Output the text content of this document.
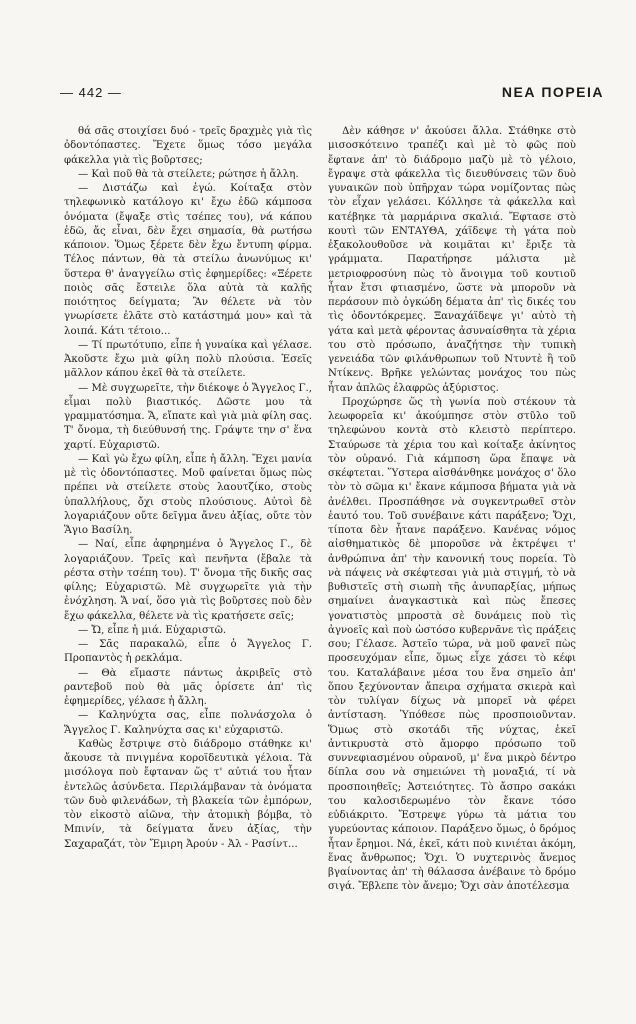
— 442 —	ΝΕΑ ΠΟΡΕΙΑ

θά σᾶς στοιχίσει δυό - τρεῖς δραχμὲς γιὰ τὶς ὀδοντόπαστες. Ἔχετε ὅμως τόσο μεγάλα φάκελλα γιὰ τὶς βοῦρτσες;

— Καὶ ποῦ θὰ τὰ στείλετε; ρώτησε ἡ ἄλλη.

— Διστάζω καὶ ἐγώ. Κοίταξα στὸν τηλεφωνικὸ κατάλογο κι' ἔχω ἐδῶ κάμποσα ὀνόματα (ἔψαξε στὶς τσέπες του), νά κάπου ἐδῶ, ἄς εἶναι, δὲν ἔχει σημασία, θὰ ρωτήσω κάποιον. Ὅμως ξέρετε δὲν ἔχω ἔντυπη φίρμα. Τέλος πάντων, θὰ τὰ στείλω ἀνωνύμως κι' ὕστερα θ' ἀναγγείλω στὶς ἐφημερίδες: «Ξέρετε ποιὸς σᾶς ἔστειλε ὅλα αὐτὰ τὰ καλῆς ποιότητος δείγματα; Ἂν θέλετε νὰ τὸν γνωρίσετε ἐλᾶτε στὸ κατάστημά μου» καὶ τὰ λοιπά. Κάτι τέτοιο...

— Τί πρωτότυπο, εἶπε ἡ γυναίκα καὶ γέλασε. Ἀκοῦστε ἔχω μιὰ φίλη πολὺ πλούσια. Ἐσεῖς μᾶλλον κάπου ἐκεῖ θὰ τὰ στείλετε.

— Μὲ συγχωρεῖτε, τὴν διέκοψε ὁ Ἄγγελος Γ., εἶμαι πολὺ βιαστικός. Δῶστε μου τὰ γραμματόσημα. Ἄ, εἴπατε καὶ γιὰ μιὰ φίλη σας. Τ' ὄνομα, τὴ διεύθυνσή της. Γράψτε την σ' ἕνα χαρτί. Εὐχαριστῶ.

— Καὶ γὼ ἔχω φίλη, εἶπε ἡ ἄλλη. Ἔχει μανία μὲ τὶς ὀδοντόπαστες. Μοῦ φαίνεται ὅμως πὼς πρέπει νὰ στείλετε στοὺς λαουτζίκο, στοὺς ὑπαλλήλους, ὄχι στοὺς πλούσιους. Αὐτοὶ δὲ λογαριάζουν οὔτε δεῖγμα ἄνευ ἀξίας, οὔτε τὸν Ἅγιο Βασίλη.

— Ναί, εἶπε ἀφηρημένα ὁ Ἄγγελος Γ., δὲ λογαριάζουν. Τρεῖς καὶ πενῆντα (ἔβαλε τὰ ρέστα στὴν τσέπη του). Τ' ὄνομα τῆς δικῆς σας φίλης; Εὐχαριστῶ. Μὲ συγχωρεῖτε γιὰ τὴν ἐνόχληση. Ἄ ναί, ὅσο γιὰ τὶς βοῦρτσες ποὺ δὲν ἔχω φάκελλα, θέλετε νὰ τὶς κρατήσετε σεῖς;

— Ὤ, εἶπε ἡ μιά. Εὐχαριστῶ.

— Σᾶς παρακαλῶ, εἶπε ὁ Ἄγγελος Γ. Προπαντὸς ἡ ρεκλάμα.

— Θὰ εἴμαστε πάντως ἀκριβεῖς στὸ ραντεβοῦ ποὺ θὰ μᾶς ὁρίσετε ἀπ' τὶς ἐφημερίδες, γέλασε ἡ ἄλλη.

— Καληνύχτα σας, εἶπε πολνάσχολα ὁ Ἄγγελος Γ. Καληνύχτα σας κι' εὐχαριστῶ.

Καθὼς ἔστριψε στὸ διάδρομο στάθηκε κι' ἄκουσε τὰ πνιγμένα κοροϊδευτικὰ γέλοια. Τὰ μισόλογα ποὺ ἔφταναν ὥς τ' αὐτιά του ἦταν ἐντελῶς ἀσύνδετα. Περιλάμβαναν τὰ ὀνόματα τῶν δυὸ φιλενάδων, τὴ βλακεία τῶν ἐμπόρων, τὸν εἰκοστὸ αἰῶνα, τὴν ἀτομικὴ βόμβα, τὸ Μπινίν, τὰ δείγματα ἄνευ ἀξίας, τὴν Σαχαραζάτ, τὸν Ἔμιρη Ἀρούν - Ἀλ - Ρασίντ...

Δὲν κάθησε ν' ἀκούσει ἄλλα. Στάθηκε στὸ μισοσκότεινο τραπέζι καὶ μὲ τὸ φῶς ποὺ ἔφτανε ἀπ' τὸ διάδρομο μαζὺ μὲ τὸ γέλοιο, ἔγραψε στὰ φάκελλα τὶς διευθύνσεις τῶν δυὸ γυναικῶν ποὺ ὑπῆρχαν τώρα νομίζοντας πὼς τὸν εἶχαν γελάσει. Κόλλησε τὰ φάκελλα καὶ κατέβηκε τὰ μαρμάρινα σκαλιά. Ἔφτασε στὸ κουτὶ τῶν ΕΝΤΑΥΘΑ, χάϊδεψε τὴ γάτα ποὺ ἐξακολουθοῦσε νὰ κοιμᾶται κι' ἔριξε τὰ γράμματα. Παρατήρησε μάλιστα μὲ μετριοφροσύνη πὼς τὸ ἄνοιγμα τοῦ κουτιοῦ ἦταν ἔτσι φτιασμένο, ὥστε νὰ μποροῦν νὰ περάσουν πιὸ ὀγκώδη δέματα ἀπ' τὶς δικές του τὶς ὀδοντόκρεμες. Ξαναχάϊδεψε γι' αὐτὸ τὴ γάτα καὶ μετὰ φέροντας ἀσυναίσθητα τὰ χέρια του στὸ πρόσωπο, ἀναζήτησε τὴν τυπικὴ γενειάδα τῶν φιλάνθρωπων τοῦ Ντυντὲ ἢ τοῦ Ντίκενς. Βρῆκε γελώντας μονάχος του πὼς ἦταν ἁπλῶς ἐλαφρῶς ἀξύριστος.

Προχώρησε ὥς τὴ γωνία ποὺ στέκουν τὰ λεωφορεῖα κι' ἀκούμπησε στὸν στῦλο τοῦ τηλεφώνου κοντὰ στὸ κλειστὸ περίπτερο. Σταύρωσε τὰ χέρια του καὶ κοίταξε ἀκίνητος τὸν οὐρανό. Γιὰ κάμποση ὥρα ἔπαψε νὰ σκέφτεται. Ὕστερα αἰσθάνθηκε μονάχος σ' ὅλο τὸν τὸ σῶμα κι' ἔκανε κάμποσα βήματα γιὰ νὰ ἀνέλθει. Προσπάθησε νὰ συγκεντρωθεῖ στὸν ἑαυτό του. Τοῦ συνέβαινε κάτι παράξενο; Ὄχι, τίποτα δὲν ἦτανε παράξενο. Κανένας νόμος αἰσθηματικὸς δὲ μποροῦσε νὰ ἐκτρέψει τ' ἀνθρώπινα ἀπ' τὴν κανονική τους πορεία. Τὸ νὰ πάψεις νὰ σκέφτεσαι γιὰ μιὰ στιγμή, τὸ νὰ βυθιστεῖς στὴ σιωπὴ τῆς ἀνυπαρξίας, μήπως σημαίνει ἀναγκαστικὰ καὶ πὼς ἔπεσες γονατιστὸς μπροστὰ σὲ δυνάμεις ποὺ τὶς ἀγνοεῖς καὶ ποὺ ὡστόσο κυβερνᾶνε τὶς πράξεις σου; Γέλασε. Ἀστεῖο τώρα, νὰ μοῦ φανεῖ πὼς προσευχόμαν εἶπε, ὅμως εἶχε χάσει τὸ κέφι του. Καταλάβαινε μέσα του ἕνα σημεῖο ἀπ' ὅπου ξεχύνονταν ἄπειρα σχήματα σκιερὰ καὶ τὸν τυλίγαν δίχως νὰ μπορεῖ νὰ φέρει ἀντίσταση. Ὑπόθεσε πὼς προσποιοῦνταν. Ὅμως στὸ σκοτάδι τῆς νύχτας, ἐκεῖ ἀντικρυστὰ στὸ ἄμορφο πρόσωπο τοῦ συννεφιασμένου οὐρανοῦ, μ' ἕνα μικρὸ δέντρο δίπλα σου νὰ σημειώνει τὴ μοναξιά, τί νὰ προσποιηθεῖς; Ἀστειότητες. Τὸ ἄσπρο σακάκι του καλοσιδερωμένο τὸν ἔκανε τόσο εὐδιάκριτο. Ἔστρεψε γύρω τὰ μάτια του γυρεύοντας κάποιον. Παράξενο ὅμως, ὁ δρόμος ἦταν ἔρημοι. Νά, ἐκεῖ, κάτι ποὺ κινιέται ἀκόμη, ἕνας ἄνθρωπος; Ὄχι. Ὁ νυχτερινὸς ἄνεμος βγαίνοντας ἀπ' τὴ θάλασσα ἀνέβαινε τὸ δρόμο σιγά. Ἔβλεπε τὸν ἄνεμο; Ὄχι σὰν ἀποτέλεσμα
